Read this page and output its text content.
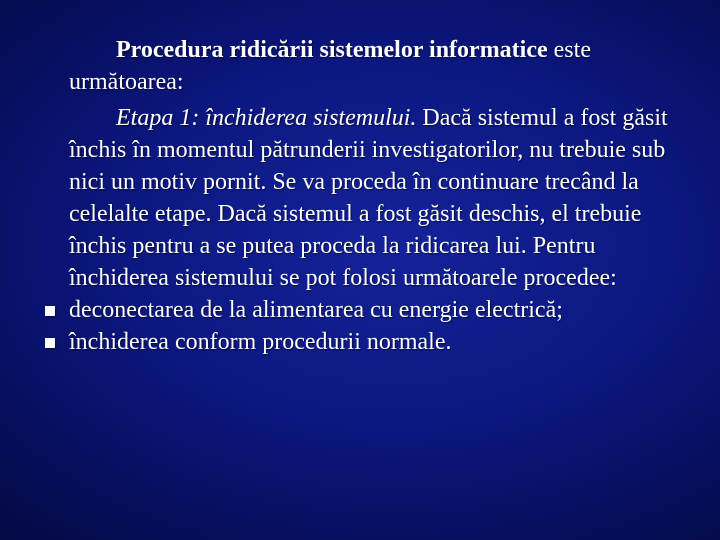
Procedura ridicării sistemelor informatice este următoarea:

Etapa 1: închiderea sistemului. Dacă sistemul a fost găsit închis în momentul pătrunderii investigatorilor, nu trebuie sub nici un motiv pornit. Se va proceda în continuare trecând la celelalte etape. Dacă sistemul a fost găsit deschis, el trebuie închis pentru a se putea proceda la ridicarea lui. Pentru închiderea sistemului se pot folosi următoarele procedee:

deconectarea de la alimentarea cu energie electrică;

închiderea conform procedurii normale.
